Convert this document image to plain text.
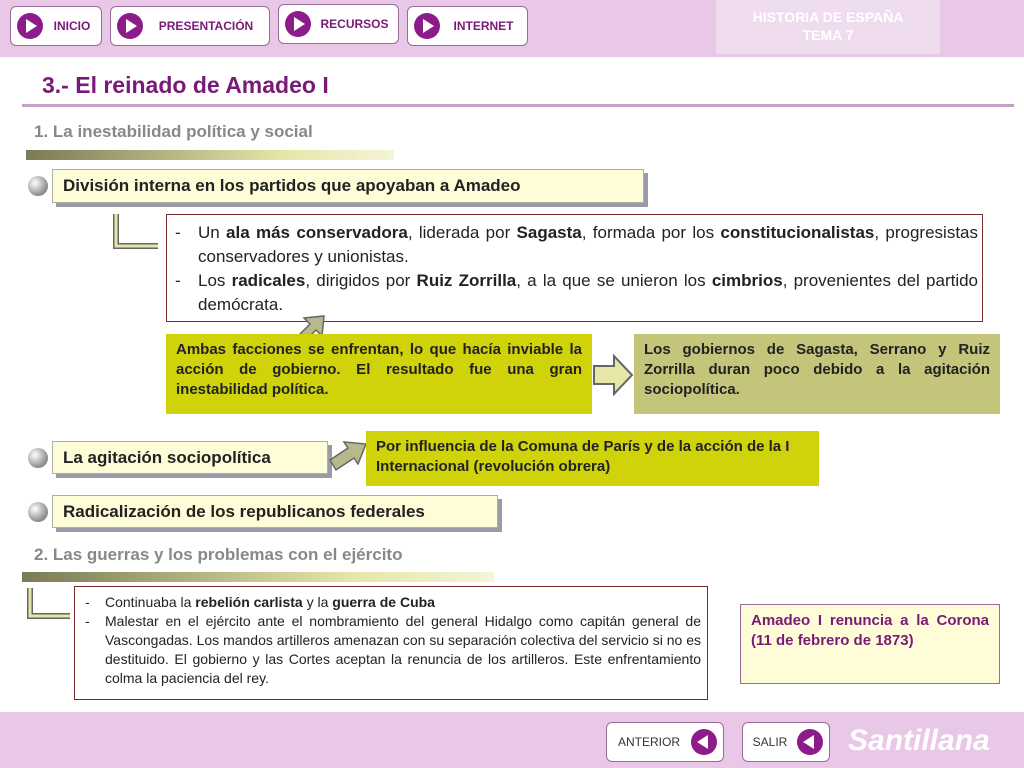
INICIO	PRESENTACIÓN	RECURSOS	INTERNET
HISTORIA DE ESPAÑA
TEMA 7
3.- El reinado de Amadeo I
1. La inestabilidad política y social
División interna en los partidos que apoyaban a Amadeo
-	Un ala más conservadora, liderada por Sagasta, formada por los constitucionalistas, progresistas conservadores y unionistas.
-	Los radicales, dirigidos por Ruiz Zorrilla, a la que se unieron los cimbrios, provenientes del partido demócrata.
Ambas facciones se enfrentan, lo que hacía inviable la acción de gobierno. El resultado fue una gran inestabilidad política.
Los gobiernos de Sagasta, Serrano y Ruiz Zorrilla duran poco debido a la agitación sociopolítica.
La agitación sociopolítica
Por influencia de la Comuna de París y de la acción de la I Internacional (revolución obrera)
Radicalización de los republicanos federales
2. Las guerras y los problemas con el ejército
-	Continuaba la rebelión carlista y la guerra de Cuba
-	Malestar en el ejército ante el nombramiento del general Hidalgo como capitán general de Vascongadas. Los mandos artilleros amenazan con su separación colectiva del servicio si no es destituido. El gobierno y las Cortes aceptan la renuncia de los artilleros. Este enfrentamiento colma la paciencia del rey.
Amadeo I renuncia a la Corona (11 de febrero de 1873)
ANTERIOR	SALIR	Santillana
